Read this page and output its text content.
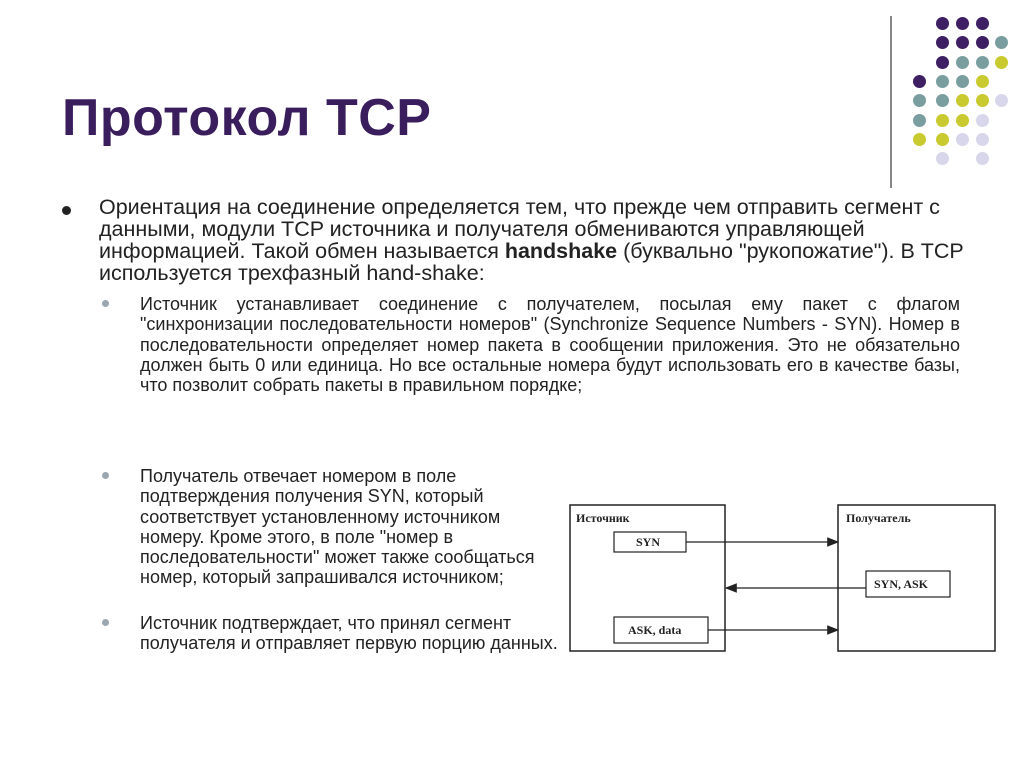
Протокол TCP
Ориентация на соединение определяется тем, что прежде чем отправить сегмент с данными, модули TCP источника и получателя обмениваются управляющей информацией. Такой обмен называется handshake (буквально "рукопожатие"). В TCP используется трехфазный hand-shake:
Источник устанавливает соединение с получателем, посылая ему пакет с флагом "синхронизации последовательности номеров" (Synchronize Sequence Numbers - SYN). Номер в последовательности определяет номер пакета в сообщении приложения. Это не обязательно должен быть 0 или единица. Но все остальные номера будут использовать его в качестве базы, что позволит собрать пакеты в правильном порядке;
Получатель отвечает номером в поле подтверждения получения SYN, который соответствует установленному источником номеру. Кроме этого, в поле "номер в последовательности" может также сообщаться номер, который запрашивался источником;
Источник подтверждает, что принял сегмент получателя и отправляет первую порцию данных.
Источник	Получатель
SYN
SYN, ASK
ASK, data
